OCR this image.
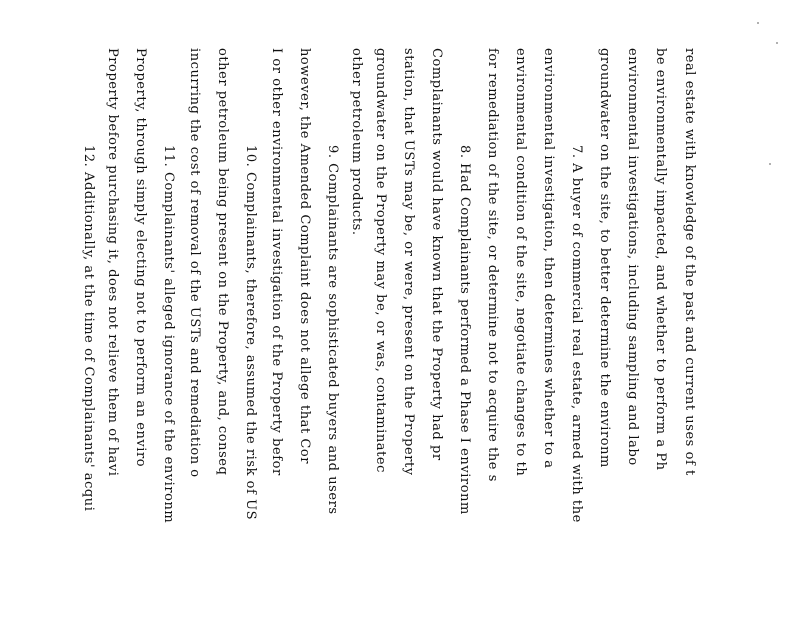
real estate with knowledge of the past and current uses of t
be environmentally impacted, and whether to perform a Ph
environmental investigations, including sampling and labo
groundwater on the site, to better determine the environm
7. A buyer of commercial real estate, armed with the
environmental investigation, then determines whether to a
environmental condition of the site, negotiate changes to th
for remediation of the site, or determine not to acquire the s
8. Had Complainants performed a Phase I environm
Complainants would have known that the Property had pr
station, that USTs may be, or were, present on the Property
groundwater on the Property may be, or was, contaminatec
other petroleum products.
9. Complainants are sophisticated buyers and users
however, the Amended Complaint does not allege that Cor
I or other environmental investigation of the Property befor
10. Complainants, therefore, assumed the risk of US
other petroleum being present on the Property, and, conseq
incurring the cost of removal of the USTs and remediation o
11. Complainants' alleged ignorance of the environm
Property, through simply electing not to perform an enviro
Property before purchasing it, does not relieve them of havi
12. Additionally, at the time of Complainants' acqui
